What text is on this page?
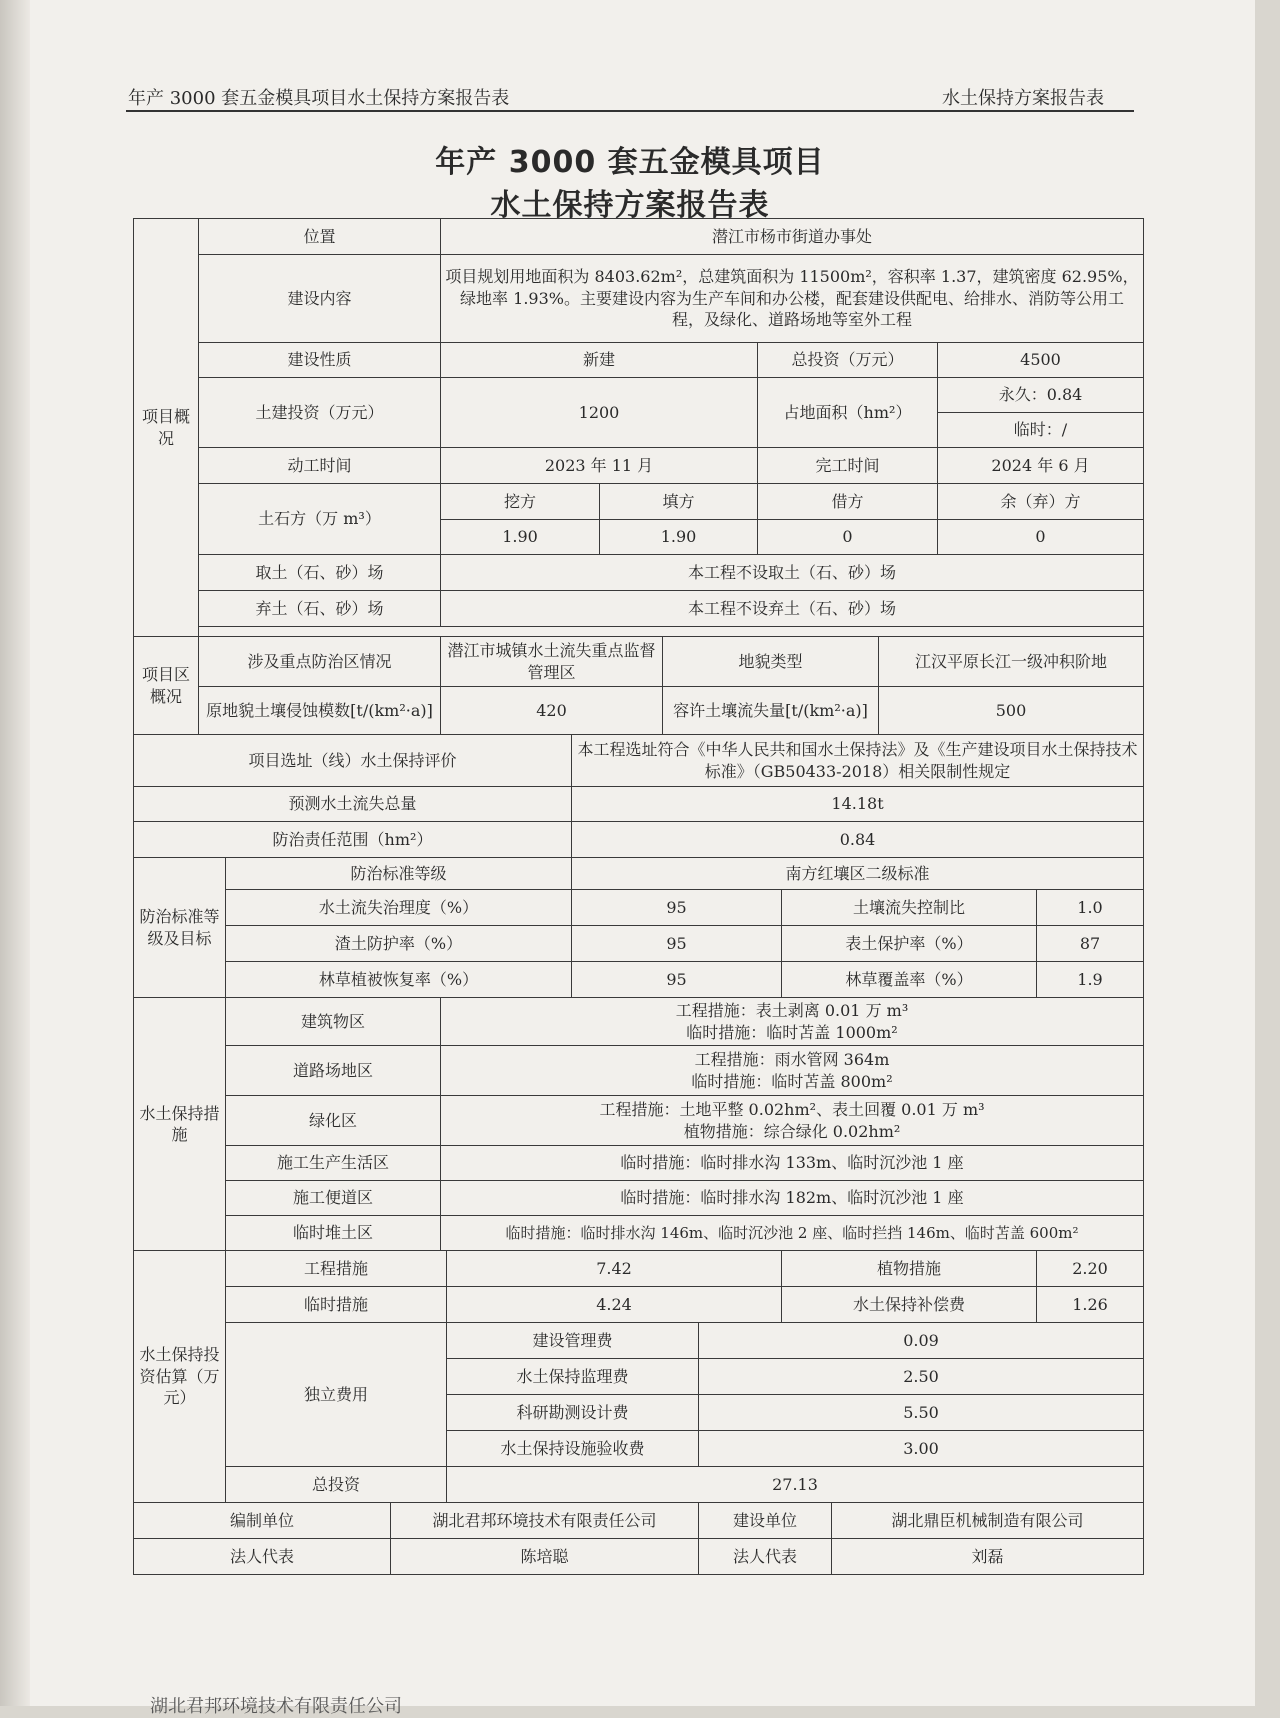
年产 3000 套五金模具项目水土保持方案报告表	水土保持方案报告表
年产 3000 套五金模具项目
水土保持方案报告表
项目概况	位置			潜江市杨市街道办事处											
	建设内容			项目规划用地面积为 8403.62m²，总建筑面积为 11500m²，容积率 1.37，建筑密度 62.95%，绿地率 1.93%。主要建设内容为生产车间和办公楼，配套建设供配电、给排水、消防等公用工程，及绿化、道路场地等室外工程											
	建设性质			新建						总投资（万元）				4500	
	土建投资（万元）			1200						占地面积（hm²）				永久：0.84	
														临时：/	
	动工时间			2023 年 11 月						完工时间				2024 年 6 月	
	土石方（万 m³）			挖方			填方			借方				余（弃）方	
				1.90			1.90			0				0	
	取土（石、砂）场			本工程不设取土（石、砂）场											
	弃土（石、砂）场			本工程不设弃土（石、砂）场											

项目区概况	涉及重点防治区情况			潜江市城镇水土流失重点监督管理区				地貌类型					江汉平原长江一级冲积阶地		
	原地貌土壤侵蚀模数[t/(km²·a)]			420				容许土壤流失量[t/(km²·a)]					500		
项目选址（线）水土保持评价						本工程选址符合《中华人民共和国水土保持法》及《生产建设项目水土保持技术标准》（GB50433-2018）相关限制性规定									
预测水土流失总量						14.18t									
防治责任范围（hm²）						0.84									
防治标准等级及目标		防治标准等级				南方红壤区二级标准									
		水土流失治理度（%）				95					土壤流失控制比				1.0
		渣土防护率（%）				95					表土保护率（%）				87
		林草植被恢复率（%）				95					林草覆盖率（%）				1.9
水土保持措施		建筑物区		工程措施：表土剥离 0.01 万 m³
临时措施：临时苫盖 1000m²											

		道路场地区		工程措施：雨水管网 364m
临时措施：临时苫盖 800m²											

		绿化区		工程措施：土地平整 0.02hm²、表土回覆 0.01 万 m³
植物措施：综合绿化 0.02hm²											

		施工生产生活区		临时措施：临时排水沟 133m、临时沉沙池 1 座											
		施工便道区		临时措施：临时排水沟 182m、临时沉沙池 1 座											
		临时堆土区		临时措施：临时排水沟 146m、临时沉沙池 2 座、临时拦挡 146m、临时苫盖 600m²											
水土保持投资估算（万元）		工程措施			7.42						植物措施				2.20
		临时措施			4.24						水土保持补偿费				1.26
		独立费用			建设管理费				0.09						
					水土保持监理费				2.50						
					科研勘测设计费				5.50						
					水土保持设施验收费				3.00						
		总投资			27.13										
编制单位			湖北君邦环境技术有限责任公司						建设单位			湖北鼎臣机械制造有限公司			
法人代表			陈培聪						法人代表			刘磊			
湖北君邦环境技术有限责任公司
